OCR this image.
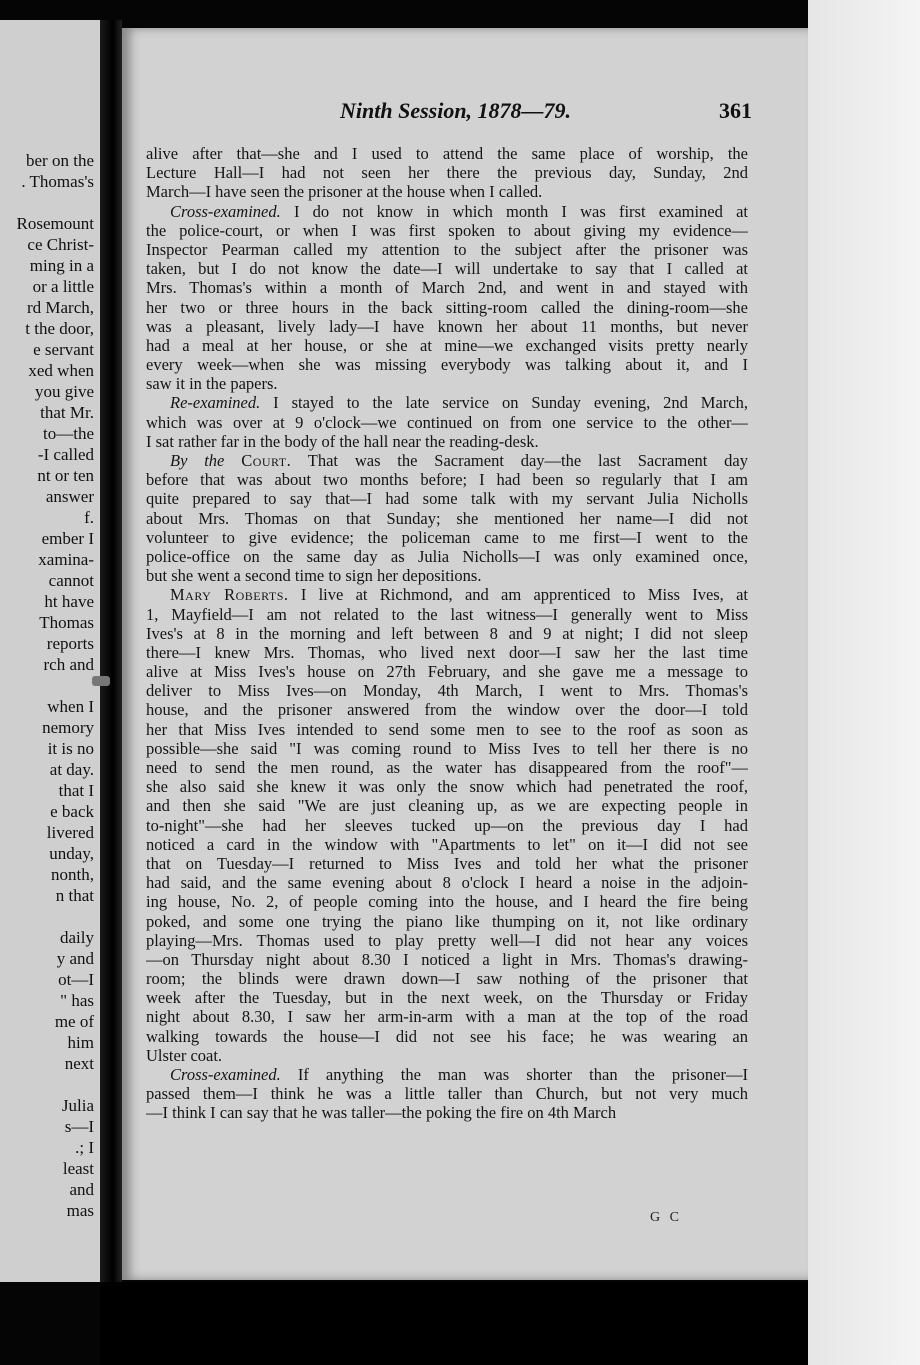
ber on the
. Thomas's
Rosemount
ce Christ-
ming in a
or a little
rd March,
t the door,
e servant
xed when
you give
that Mr.
to—the
-I called
nt or ten
answer
f.
ember I
xamina-
cannot
ht have
Thomas
reports
rch and
when I
nemory
it is no
at day.
that I
e back
livered
unday,
nonth,
n that
daily
y and
ot—I
" has
me of
him
next
Julia
s—I
.; I
least
and
mas
Ninth Session, 1878—79.	361
alive after that—she and I used to attend the same place of worship, the
Lecture Hall—I had not seen her there the previous day, Sunday, 2nd
March—I have seen the prisoner at the house when I called.
Cross-examined. I do not know in which month I was first examined at
the police-court, or when I was first spoken to about giving my evidence—
Inspector Pearman called my attention to the subject after the prisoner was
taken, but I do not know the date—I will undertake to say that I called at
Mrs. Thomas's within a month of March 2nd, and went in and stayed with
her two or three hours in the back sitting-room called the dining-room—she
was a pleasant, lively lady—I have known her about 11 months, but never
had a meal at her house, or she at mine—we exchanged visits pretty nearly
every week—when she was missing everybody was talking about it, and I
saw it in the papers.
Re-examined. I stayed to the late service on Sunday evening, 2nd March,
which was over at 9 o'clock—we continued on from one service to the other—
I sat rather far in the body of the hall near the reading-desk.
By the Court. That was the Sacrament day—the last Sacrament day
before that was about two months before; I had been so regularly that I am
quite prepared to say that—I had some talk with my servant Julia Nicholls
about Mrs. Thomas on that Sunday; she mentioned her name—I did not
volunteer to give evidence; the policeman came to me first—I went to the
police-office on the same day as Julia Nicholls—I was only examined once,
but she went a second time to sign her depositions.
Mary Roberts. I live at Richmond, and am apprenticed to Miss Ives, at
1, Mayfield—I am not related to the last witness—I generally went to Miss
Ives's at 8 in the morning and left between 8 and 9 at night; I did not sleep
there—I knew Mrs. Thomas, who lived next door—I saw her the last time
alive at Miss Ives's house on 27th February, and she gave me a message to
deliver to Miss Ives—on Monday, 4th March, I went to Mrs. Thomas's
house, and the prisoner answered from the window over the door—I told
her that Miss Ives intended to send some men to see to the roof as soon as
possible—she said "I was coming round to Miss Ives to tell her there is no
need to send the men round, as the water has disappeared from the roof"—
she also said she knew it was only the snow which had penetrated the roof,
and then she said "We are just cleaning up, as we are expecting people in
to-night"—she had her sleeves tucked up—on the previous day I had
noticed a card in the window with "Apartments to let" on it—I did not see
that on Tuesday—I returned to Miss Ives and told her what the prisoner
had said, and the same evening about 8 o'clock I heard a noise in the adjoin-
ing house, No. 2, of people coming into the house, and I heard the fire being
poked, and some one trying the piano like thumping on it, not like ordinary
playing—Mrs. Thomas used to play pretty well—I did not hear any voices
—on Thursday night about 8.30 I noticed a light in Mrs. Thomas's drawing-
room; the blinds were drawn down—I saw nothing of the prisoner that
week after the Tuesday, but in the next week, on the Thursday or Friday
night about 8.30, I saw her arm-in-arm with a man at the top of the road
walking towards the house—I did not see his face; he was wearing an
Ulster coat.
Cross-examined. If anything the man was shorter than the prisoner—I
passed them—I think he was a little taller than Church, but not very much
—I think I can say that he was taller—the poking the fire on 4th March
G C
